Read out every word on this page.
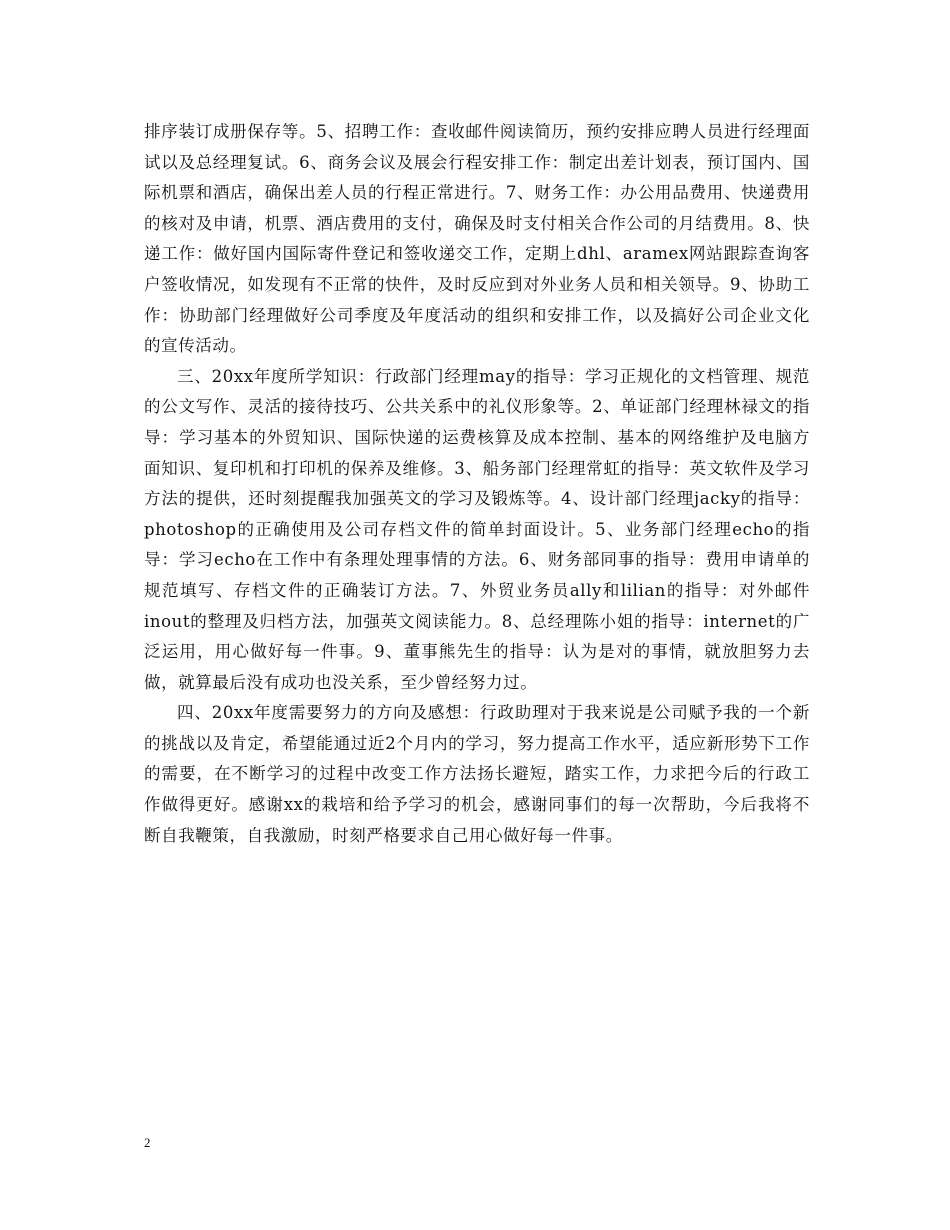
排序装订成册保存等。5、招聘工作：查收邮件阅读简历，预约安排应聘人员进行经理面试以及总经理复试。6、商务会议及展会行程安排工作：制定出差计划表，预订国内、国际机票和酒店，确保出差人员的行程正常进行。7、财务工作：办公用品费用、快递费用的核对及申请，机票、酒店费用的支付，确保及时支付相关合作公司的月结费用。8、快递工作：做好国内国际寄件登记和签收递交工作，定期上dhl、aramex网站跟踪查询客户签收情况，如发现有不正常的快件，及时反应到对外业务人员和相关领导。9、协助工作：协助部门经理做好公司季度及年度活动的组织和安排工作，以及搞好公司企业文化的宣传活动。

三、20xx年度所学知识：行政部门经理may的指导：学习正规化的文档管理、规范的公文写作、灵活的接待技巧、公共关系中的礼仪形象等。2、单证部门经理林禄文的指导：学习基本的外贸知识、国际快递的运费核算及成本控制、基本的网络维护及电脑方面知识、复印机和打印机的保养及维修。3、船务部门经理常虹的指导：英文软件及学习方法的提供，还时刻提醒我加强英文的学习及锻炼等。4、设计部门经理jacky的指导：photoshop的正确使用及公司存档文件的简单封面设计。5、业务部门经理echo的指导：学习echo在工作中有条理处理事情的方法。6、财务部同事的指导：费用申请单的规范填写、存档文件的正确装订方法。7、外贸业务员ally和lilian的指导：对外邮件inout的整理及归档方法，加强英文阅读能力。8、总经理陈小姐的指导：internet的广泛运用，用心做好每一件事。9、董事熊先生的指导：认为是对的事情，就放胆努力去做，就算最后没有成功也没关系，至少曾经努力过。

四、20xx年度需要努力的方向及感想：行政助理对于我来说是公司赋予我的一个新的挑战以及肯定，希望能通过近2个月内的学习，努力提高工作水平，适应新形势下工作的需要，在不断学习的过程中改变工作方法扬长避短，踏实工作，力求把今后的行政工作做得更好。感谢xx的栽培和给予学习的机会，感谢同事们的每一次帮助，今后我将不断自我鞭策，自我激励，时刻严格要求自己用心做好每一件事。

2
